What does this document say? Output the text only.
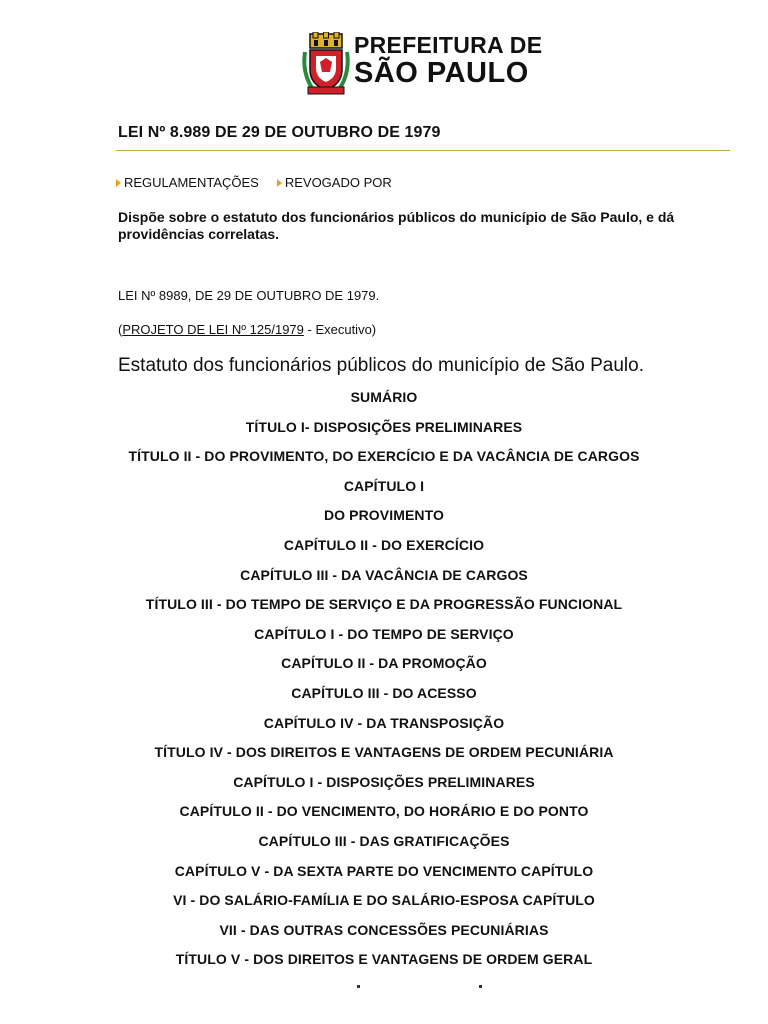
PREFEITURA DE
SÃO PAULO
LEI Nº 8.989 DE 29 DE OUTUBRO DE 1979
REGULAMENTAÇÕES REVOGADO POR
Dispõe sobre o estatuto dos funcionários públicos do município de São Paulo, e dá providências correlatas.
LEI Nº 8989, DE 29 DE OUTUBRO DE 1979.
(PROJETO DE LEI Nº 125/1979 - Executivo)
Estatuto dos funcionários públicos do município de São Paulo.
SUMÁRIO
TÍTULO I- DISPOSIÇÕES PRELIMINARES
TÍTULO II - DO PROVIMENTO, DO EXERCÍCIO E DA VACÂNCIA DE CARGOS
CAPÍTULO I
DO PROVIMENTO
CAPÍTULO II - DO EXERCÍCIO
CAPÍTULO III - DA VACÂNCIA DE CARGOS
TÍTULO III - DO TEMPO DE SERVIÇO E DA PROGRESSÃO FUNCIONAL
CAPÍTULO I - DO TEMPO DE SERVIÇO
CAPÍTULO II - DA PROMOÇÃO
CAPÍTULO III - DO ACESSO
CAPÍTULO IV - DA TRANSPOSIÇÃO
TÍTULO IV - DOS DIREITOS E VANTAGENS DE ORDEM PECUNIÁRIA
CAPÍTULO I - DISPOSIÇÕES PRELIMINARES
CAPÍTULO II - DO VENCIMENTO, DO HORÁRIO E DO PONTO
CAPÍTULO III - DAS GRATIFICAÇÕES
CAPÍTULO V - DA SEXTA PARTE DO VENCIMENTO CAPÍTULO
VI - DO SALÁRIO-FAMÍLIA E DO SALÁRIO-ESPOSA CAPÍTULO
VII - DAS OUTRAS CONCESSÕES PECUNIÁRIAS
TÍTULO V - DOS DIREITOS E VANTAGENS DE ORDEM GERAL
